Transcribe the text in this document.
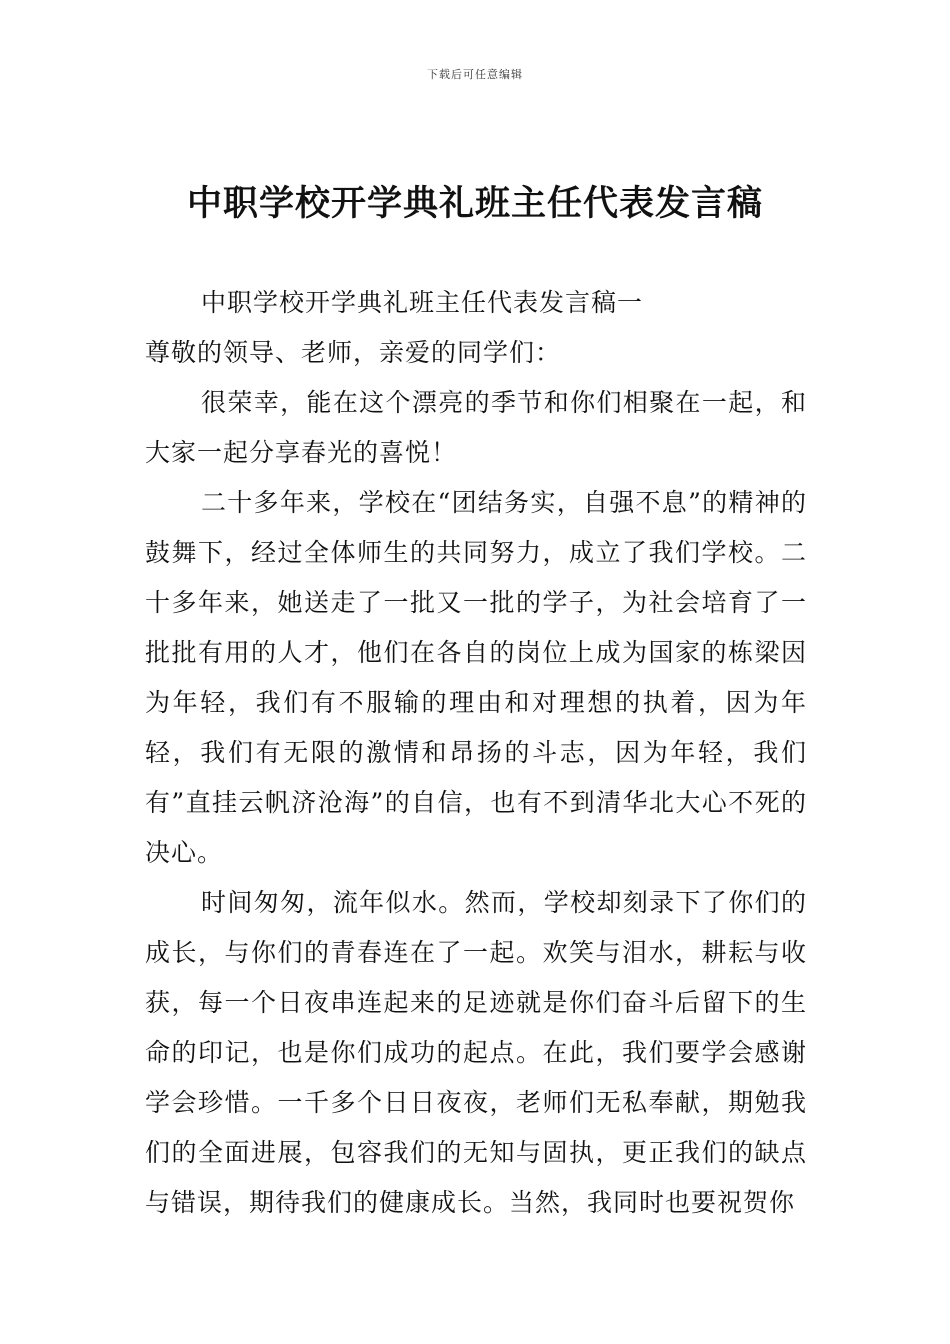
下载后可任意编辑
中职学校开学典礼班主任代表发言稿

中职学校开学典礼班主任代表发言稿一

尊敬的领导、老师，亲爱的同学们：

很荣幸，能在这个漂亮的季节和你们相聚在一起，和大家一起分享春光的喜悦！

二十多年来，学校在“团结务实，自强不息”的精神的鼓舞下，经过全体师生的共同努力，成立了我们学校。二十多年来，她送走了一批又一批的学子，为社会培育了一批批有用的人才，他们在各自的岗位上成为国家的栋梁因为年轻，我们有不服输的理由和对理想的执着，因为年轻，我们有无限的激情和昂扬的斗志，因为年轻，我们有”直挂云帆济沧海”的自信，也有不到清华北大心不死的决心。

时间匆匆，流年似水。然而，学校却刻录下了你们的成长，与你们的青春连在了一起。欢笑与泪水，耕耘与收获，每一个日夜串连起来的足迹就是你们奋斗后留下的生命的印记，也是你们成功的起点。在此，我们要学会感谢学会珍惜。一千多个日日夜夜，老师们无私奉献，期勉我们的全面进展，包容我们的无知与固执，更正我们的缺点与错误，期待我们的健康成长。当然，我同时也要祝贺你
